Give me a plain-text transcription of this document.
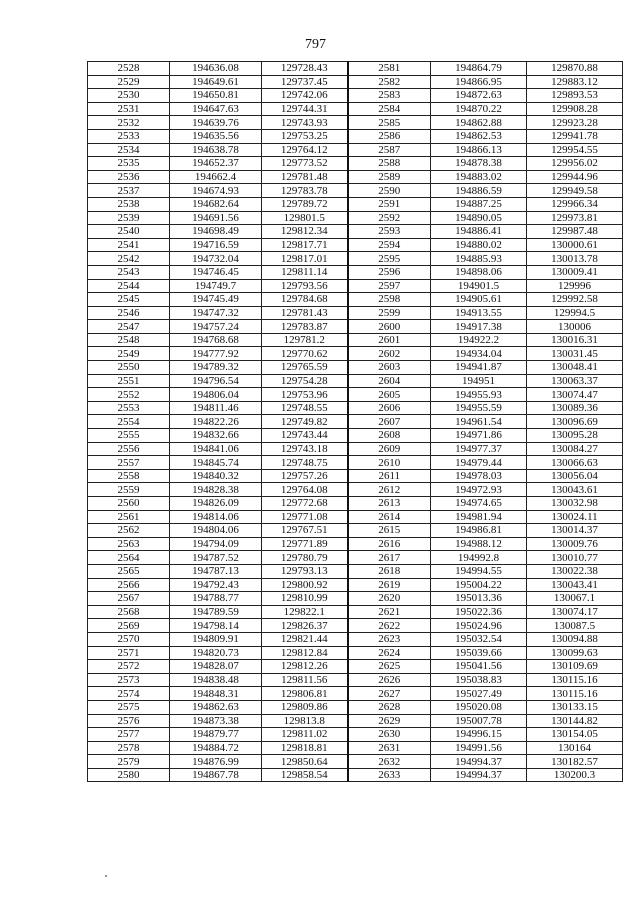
797
2528	194636.08	129728.43	2581	194864.79	129870.88
2529	194649.61	129737.45	2582	194866.95	129883.12
2530	194650.81	129742.06	2583	194872.63	129893.53
2531	194647.63	129744.31	2584	194870.22	129908.28
2532	194639.76	129743.93	2585	194862.88	129923.28
2533	194635.56	129753.25	2586	194862.53	129941.78
2534	194638.78	129764.12	2587	194866.13	129954.55
2535	194652.37	129773.52	2588	194878.38	129956.02
2536	194662.4	129781.48	2589	194883.02	129944.96
2537	194674.93	129783.78	2590	194886.59	129949.58
2538	194682.64	129789.72	2591	194887.25	129966.34
2539	194691.56	129801.5	2592	194890.05	129973.81
2540	194698.49	129812.34	2593	194886.41	129987.48
2541	194716.59	129817.71	2594	194880.02	130000.61
2542	194732.04	129817.01	2595	194885.93	130013.78
2543	194746.45	129811.14	2596	194898.06	130009.41
2544	194749.7	129793.56	2597	194901.5	129996
2545	194745.49	129784.68	2598	194905.61	129992.58
2546	194747.32	129781.43	2599	194913.55	129994.5
2547	194757.24	129783.87	2600	194917.38	130006
2548	194768.68	129781.2	2601	194922.2	130016.31
2549	194777.92	129770.62	2602	194934.04	130031.45
2550	194789.32	129765.59	2603	194941.87	130048.41
2551	194796.54	129754.28	2604	194951	130063.37
2552	194806.04	129753.96	2605	194955.93	130074.47
2553	194811.46	129748.55	2606	194955.59	130089.36
2554	194822.26	129749.82	2607	194961.54	130096.69
2555	194832.66	129743.44	2608	194971.86	130095.28
2556	194841.06	129743.18	2609	194977.37	130084.27
2557	194845.74	129748.75	2610	194979.44	130066.63
2558	194840.32	129757.26	2611	194978.03	130056.04
2559	194828.38	129764.08	2612	194972.93	130043.61
2560	194826.09	129772.68	2613	194974.65	130032.98
2561	194814.06	129771.08	2614	194981.94	130024.11
2562	194804.06	129767.51	2615	194986.81	130014.37
2563	194794.09	129771.89	2616	194988.12	130009.76
2564	194787.52	129780.79	2617	194992.8	130010.77
2565	194787.13	129793.13	2618	194994.55	130022.38
2566	194792.43	129800.92	2619	195004.22	130043.41
2567	194788.77	129810.99	2620	195013.36	130067.1
2568	194789.59	129822.1	2621	195022.36	130074.17
2569	194798.14	129826.37	2622	195024.96	130087.5
2570	194809.91	129821.44	2623	195032.54	130094.88
2571	194820.73	129812.84	2624	195039.66	130099.63
2572	194828.07	129812.26	2625	195041.56	130109.69
2573	194838.48	129811.56	2626	195038.83	130115.16
2574	194848.31	129806.81	2627	195027.49	130115.16
2575	194862.63	129809.86	2628	195020.08	130133.15
2576	194873.38	129813.8	2629	195007.78	130144.82
2577	194879.77	129811.02	2630	194996.15	130154.05
2578	194884.72	129818.81	2631	194991.56	130164
2579	194876.99	129850.64	2632	194994.37	130182.57
2580	194867.78	129858.54	2633	194994.37	130200.3
